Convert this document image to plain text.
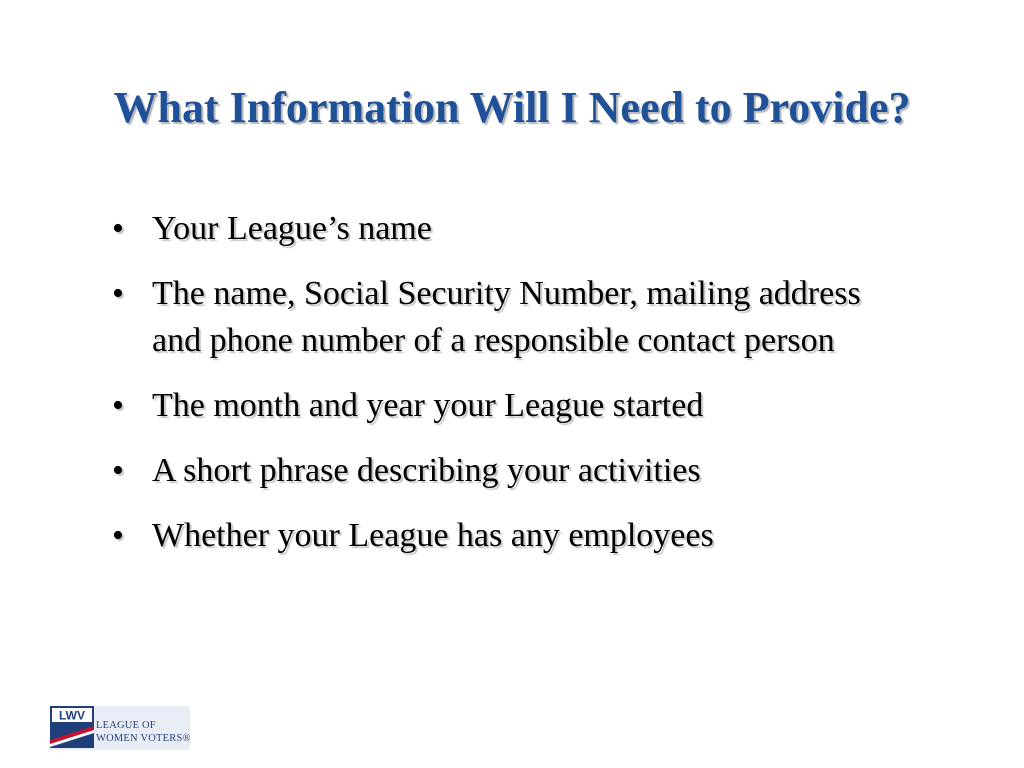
What Information Will I Need to Provide?
• Your League’s name
• The name, Social Security Number, mailing address and phone number of a responsible contact person
• The month and year your League started
• A short phrase describing your activities
• Whether your League has any employees
LWV
LEAGUE OF
WOMEN VOTERS®
